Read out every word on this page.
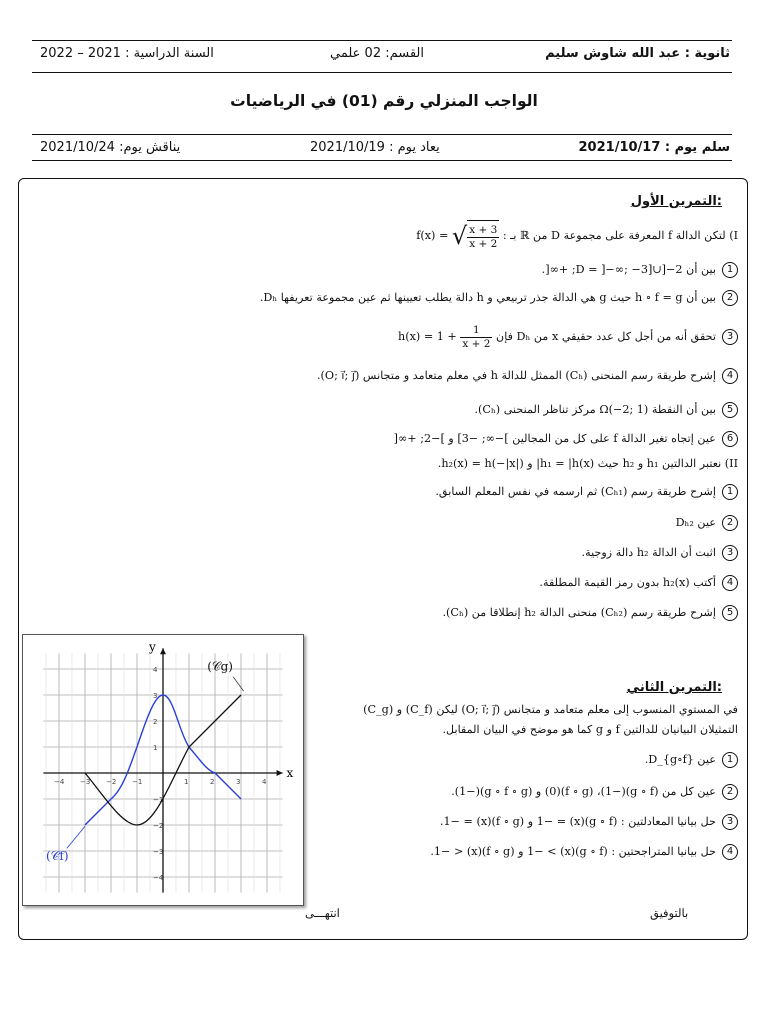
ثانوية : عبد الله شاوش سليم
القسم: 02 علمي
السنة الدراسية : 2021 – 2022
الواجب المنزلي رقم (01) في الرياضيات
سلم يوم : 2021/10/17
يعاد يوم : 2021/10/19
يناقش يوم: 2021/10/24
التمرين الأول:
I) لتكن الدالة f المعرفة على مجموعة D من ℝ بـ : f(x) = √ $\frac{x + 3}{x + 2}$
1بين أن D = ]−∞; −3]∪]−2; +∞[.
2بين أن h ∘ f = g حيث g هي الدالة جذر تربيعي و h دالة يطلب تعيينها ثم عين مجموعة تعريفها Dₕ.
3تحقق أنه من أجل كل عدد حقيقي x من Dₕ فإن $h(x) = 1 + \frac{1}{x + 2}$
4إشرح طريقة رسم المنحنى (Cₕ) الممثل للدالة h في معلم متعامد و متجانس (O; i⃗; j⃗).
5بين أن النقطة Ω(−2; 1) مركز تناظر المنحنى (Cₕ).
6عين إتجاه تغير الدالة f على كل من المجالين ]−∞; −3] و ]−2; +∞[
II) نعتبر الدالتين h₁ و h₂ حيث h₁ = |h(x)| و h₂(x) = h(−|x|).
1إشرح طريقة رسم (Cₕ₁) ثم ارسمه في نفس المعلم السابق.
2عين Dₕ₂
3اثبت أن الدالة h₂ دالة زوجية.
4أكتب h₂(x) بدون رمز القيمة المطلقة.
5إشرح طريقة رسم (Cₕ₂) منحنى الدالة h₂ إنطلاقا من (Cₕ).
x
y
−4 −3 −2 −1	1	2	3	4
4
3
2
1
−1
−2
−3
−4
(𝒞g)
(𝒞f)
التمرين الثاني:
في المستوي المنسوب إلى معلم متعامد و متجانس (O; i⃗; j⃗) ليكن (C_f) و (C_g)
التمثيلان البيانيان للدالتين f و g كما هو موضح في البيان المقابل.
1عين D_{g∘f}.
2عين كل من (g ∘ f)(−1)، (f ∘ g)(0) و (g ∘ f ∘ g)(−1).
3حل بيانيا المعادلتين : (g ∘ f)(x) = −1 و (f ∘ g)(x) = −1.
4حل بيانيا المتراجحتين : (g ∘ f)(x) > −1 و (f ∘ g)(x) < −1.
بالتوفيق
انتهـــى
